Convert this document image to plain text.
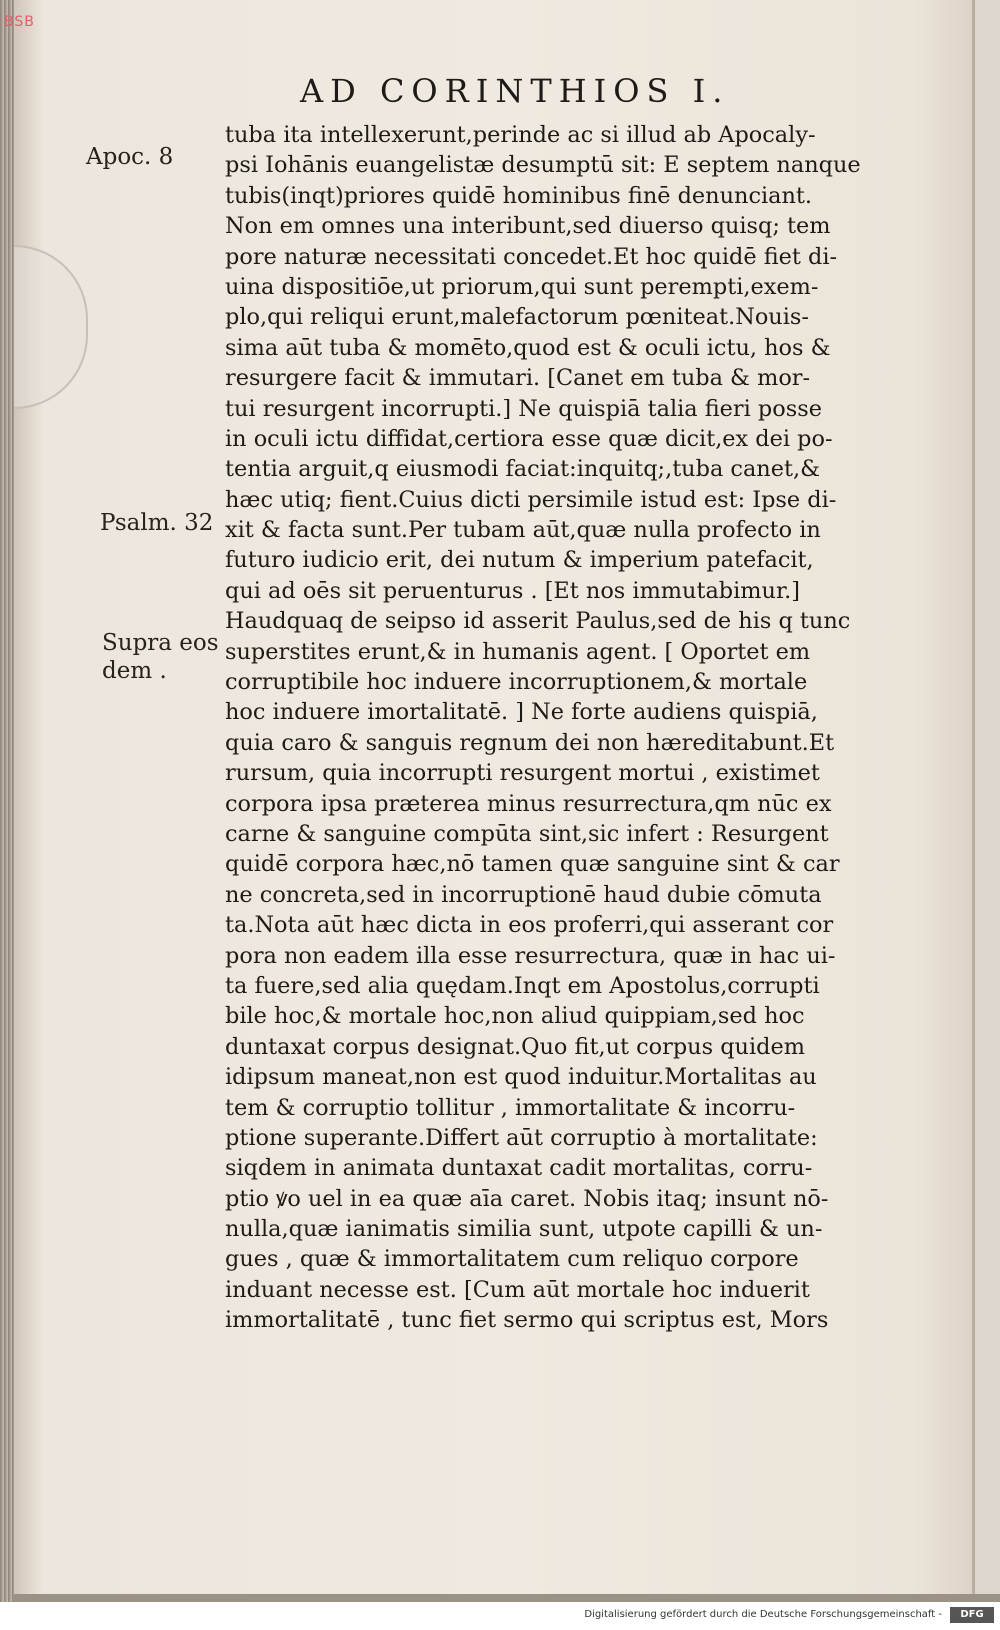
BSB
AD CORINTHIOS I.
Apoc. 8
Psalm. 32
Supra eos
dem .
tuba ita intellexerunt,perinde ac si illud ab Apocaly-
psi Iohānis euangelistæ desumptū sit: E septem nanque
tubis(inqt)priores quidē hominibus finē denunciant.
Non em omnes una interibunt,sed diuerso quisq; tem
pore naturæ necessitati concedet.Et hoc quidē fiet di-
uina dispositiōe,ut priorum,qui sunt perempti,exem-
plo,qui reliqui erunt,malefactorum pœniteat.Nouis-
sima aūt tuba & momēto,quod est & oculi ictu, hos &
resurgere facit & immutari. [Canet em tuba & mor-
tui resurgent incorrupti.] Ne quispiā talia fieri posse
in oculi ictu diffidat,certiora esse quæ dicit,ex dei po-
tentia arguit,q eiusmodi faciat:inquitq;,tuba canet,&
hæc utiq; fient.Cuius dicti persimile istud est: Ipse di-
xit & facta sunt.Per tubam aūt,quæ nulla profecto in
futuro iudicio erit, dei nutum & imperium patefacit,
qui ad oēs sit peruenturus . [Et nos immutabimur.]
Haudquaq de seipso id asserit Paulus,sed de his q tunc
superstites erunt,& in humanis agent. [ Oportet em
corruptibile hoc induere incorruptionem,& mortale
hoc induere imortalitatē. ] Ne forte audiens quispiā,
quia caro & sanguis regnum dei non hæreditabunt.Et
rursum, quia incorrupti resurgent mortui , existimet
corpora ipsa præterea minus resurrectura,qm nūc ex
carne & sanguine compūta sint,sic infert : Resurgent
quidē corpora hæc,nō tamen quæ sanguine sint & car
ne concreta,sed in incorruptionē haud dubie cōmuta
ta.Nota aūt hæc dicta in eos proferri,qui asserant cor
pora non eadem illa esse resurrectura, quæ in hac ui-
ta fuere,sed alia quędam.Inqt em Apostolus,corrupti
bile hoc,& mortale hoc,non aliud quippiam,sed hoc
duntaxat corpus designat.Quo fit,ut corpus quidem
idipsum maneat,non est quod induitur.Mortalitas au
tem & corruptio tollitur , immortalitate & incorru-
ptione superante.Differt aūt corruptio à mortalitate:
siqdem in animata duntaxat cadit mortalitas, corru-
ptio ꝟo uel in ea quæ aīa caret. Nobis itaq; insunt nō-
nulla,quæ ianimatis similia sunt, utpote capilli & un-
gues , quæ & immortalitatem cum reliquo corpore
induant necesse est. [Cum aūt mortale hoc induerit
immortalitatē , tunc fiet sermo qui scriptus est, Mors
Digitalisierung gefördert durch die Deutsche Forschungsgemeinschaft -	DFG
